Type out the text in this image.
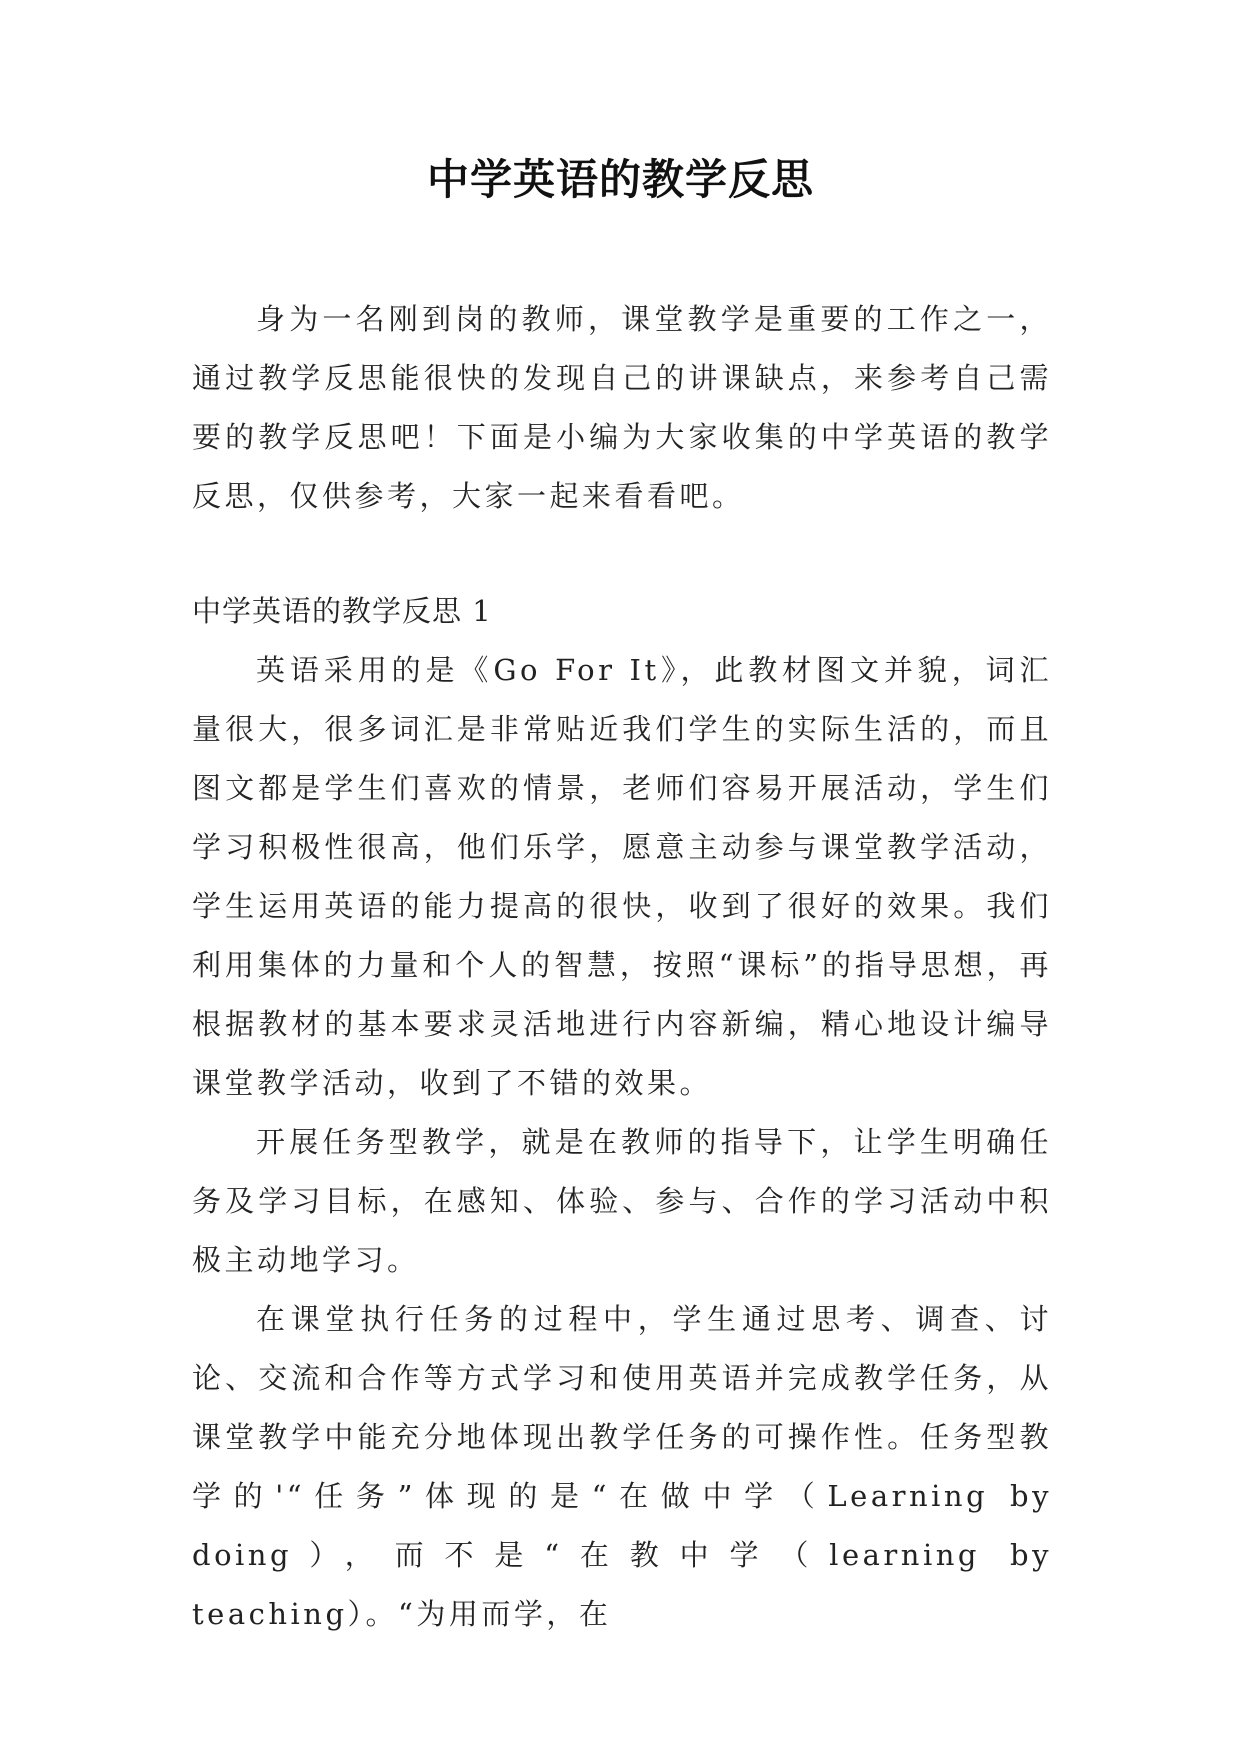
中学英语的教学反思

身为一名刚到岗的教师，课堂教学是重要的工作之一，通过教学反思能很快的发现自己的讲课缺点，来参考自己需要的教学反思吧！下面是小编为大家收集的中学英语的教学反思，仅供参考，大家一起来看看吧。

中学英语的教学反思 1

英语采用的是《Go For It》，此教材图文并貌，词汇量很大，很多词汇是非常贴近我们学生的实际生活的，而且图文都是学生们喜欢的情景，老师们容易开展活动，学生们学习积极性很高，他们乐学，愿意主动参与课堂教学活动，学生运用英语的能力提高的很快，收到了很好的效果。我们利用集体的力量和个人的智慧，按照“课标”的指导思想，再根据教材的基本要求灵活地进行内容新编，精心地设计编导课堂教学活动，收到了不错的效果。

开展任务型教学，就是在教师的指导下，让学生明确任务及学习目标，在感知、体验、参与、合作的学习活动中积极主动地学习。

在课堂执行任务的过程中，学生通过思考、调查、讨论、交流和合作等方式学习和使用英语并完成教学任务，从课堂教学中能充分地体现出教学任务的可操作性。任务型教学的'“任务”体现的是“在做中学（Learning by doing），而不是“在教中学（learning by teaching）。“为用而学，在
